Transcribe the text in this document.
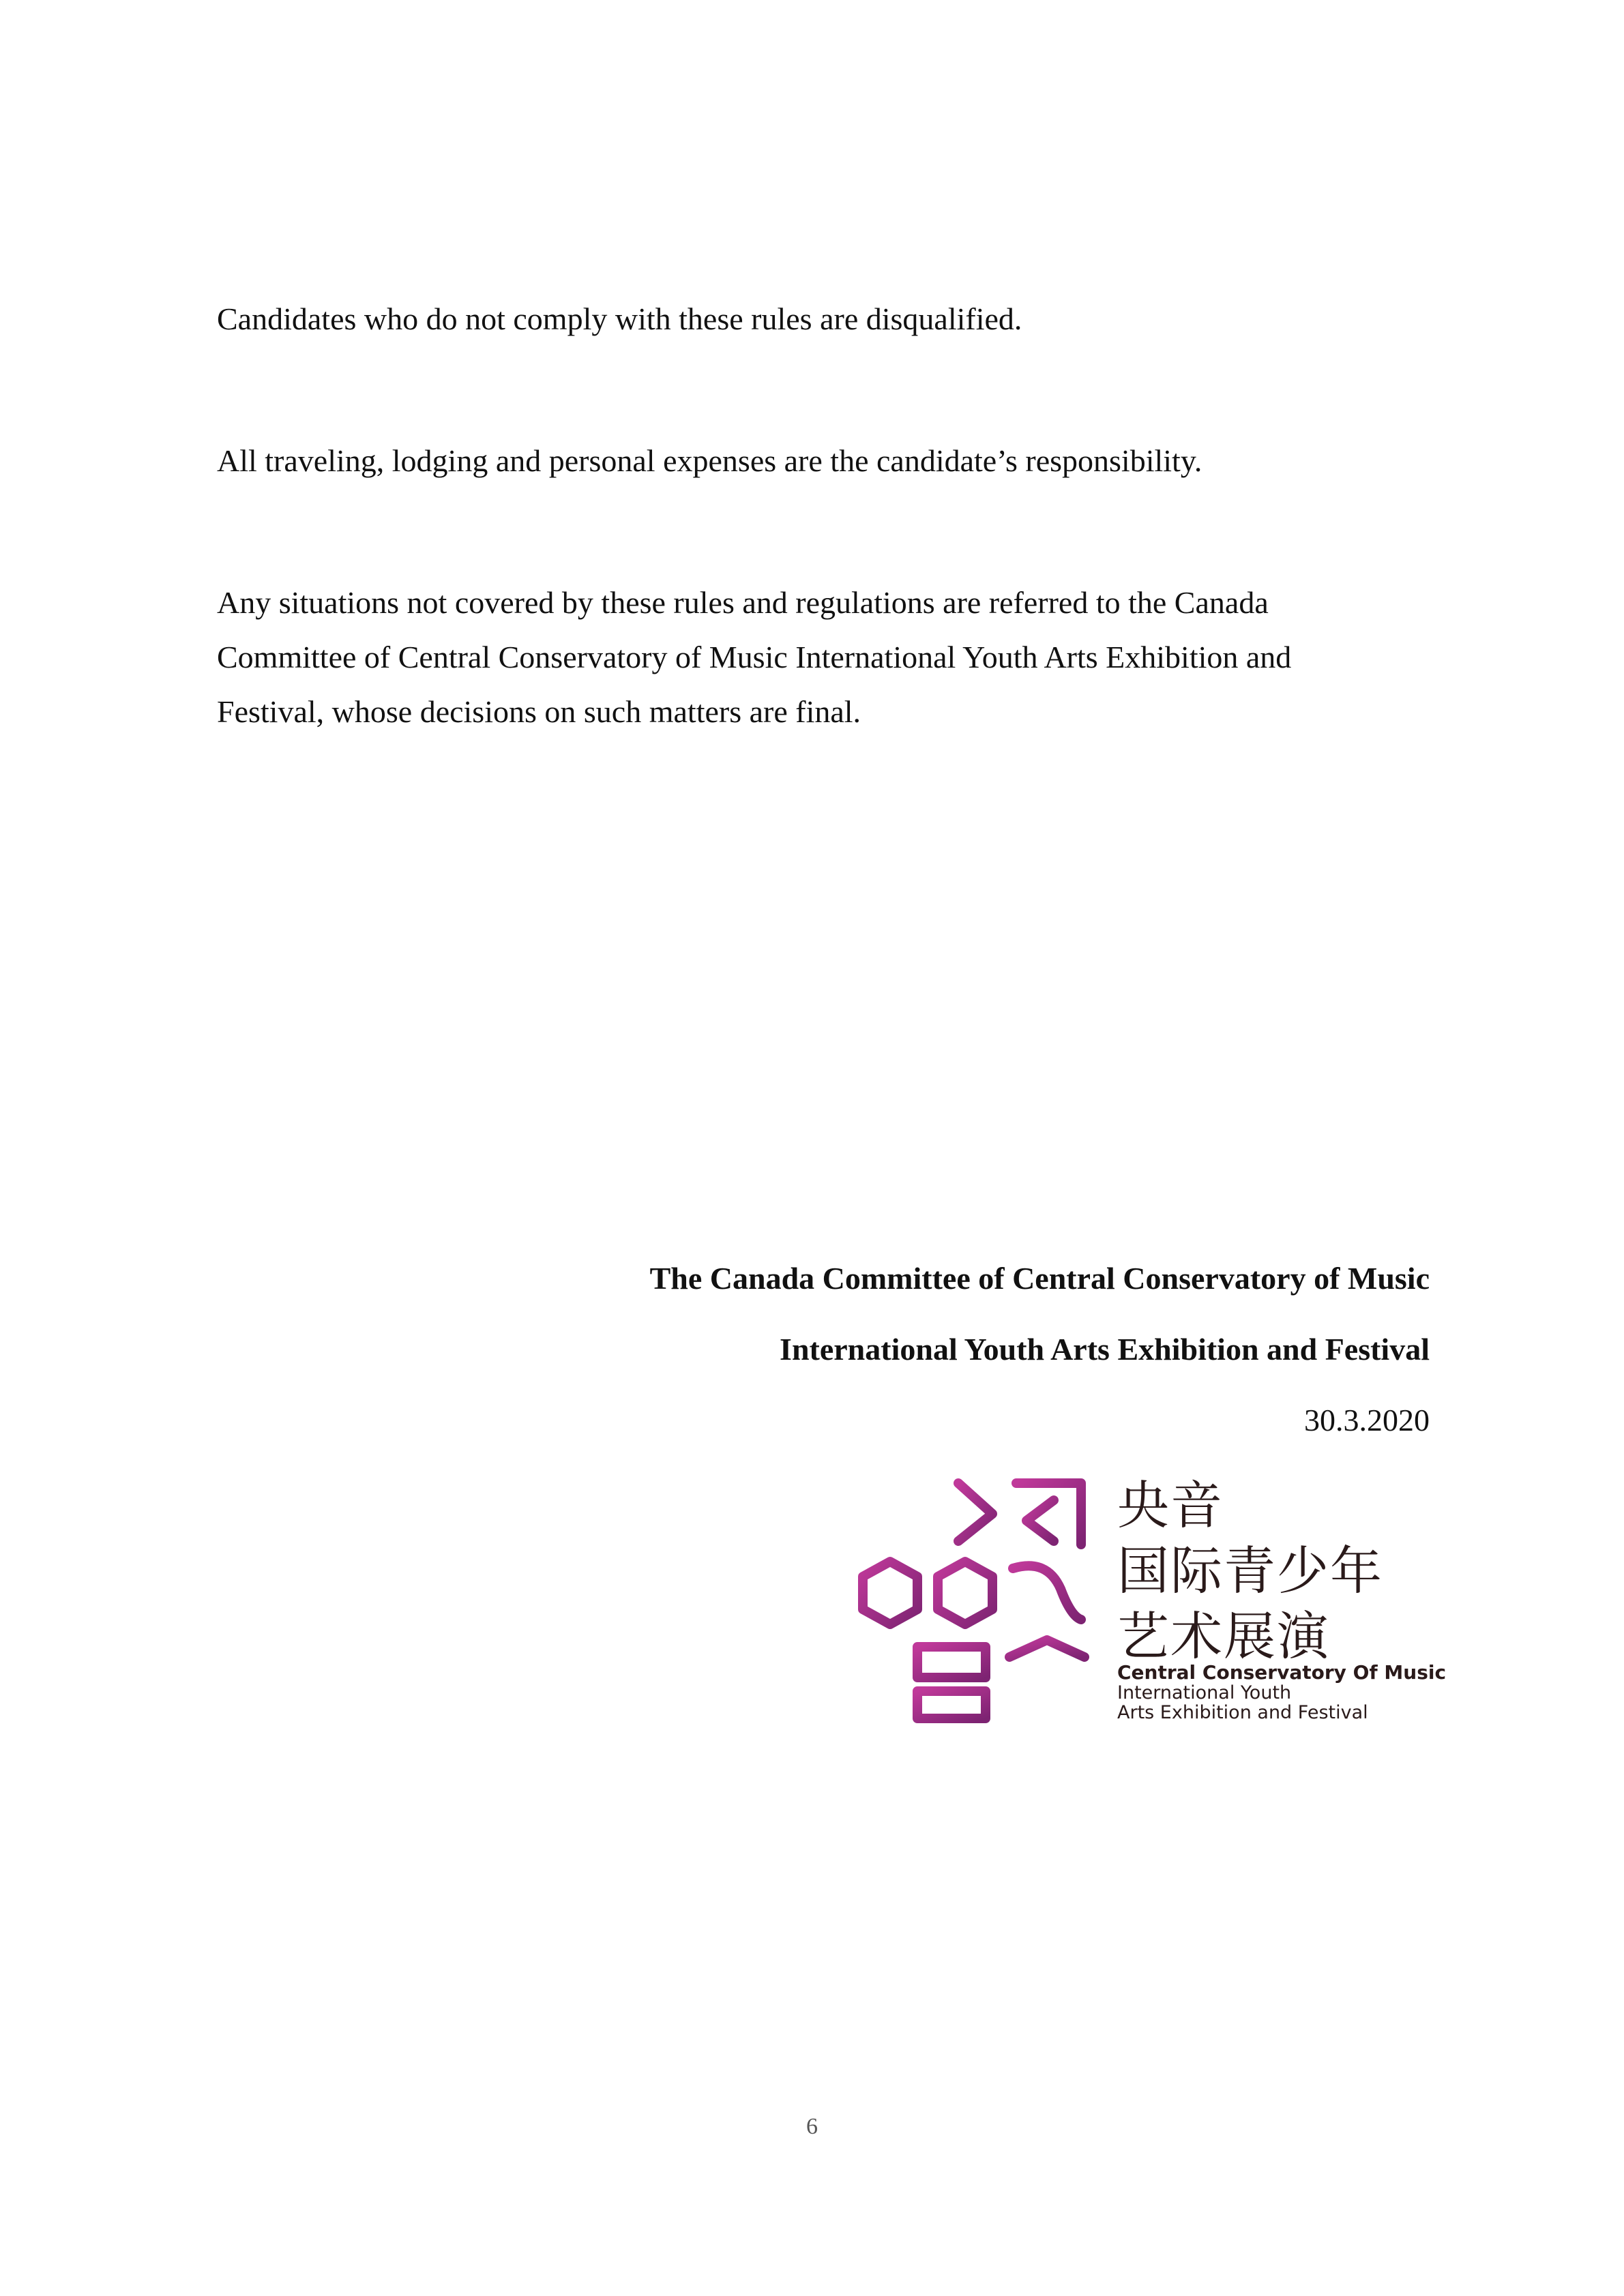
Candidates who do not comply with these rules are disqualified.

All traveling, lodging and personal expenses are the candidate’s responsibility.

Any situations not covered by these rules and regulations are referred to the Canada Committee of Central Conservatory of Music International Youth Arts Exhibition and Festival, whose decisions on such matters are final.

The Canada Committee of Central Conservatory of Music

International Youth Arts Exhibition and Festival

30.3.2020

央音
国际青少年
艺术展演

Central Conservatory Of Music
International Youth
Arts Exhibition and Festival

6
